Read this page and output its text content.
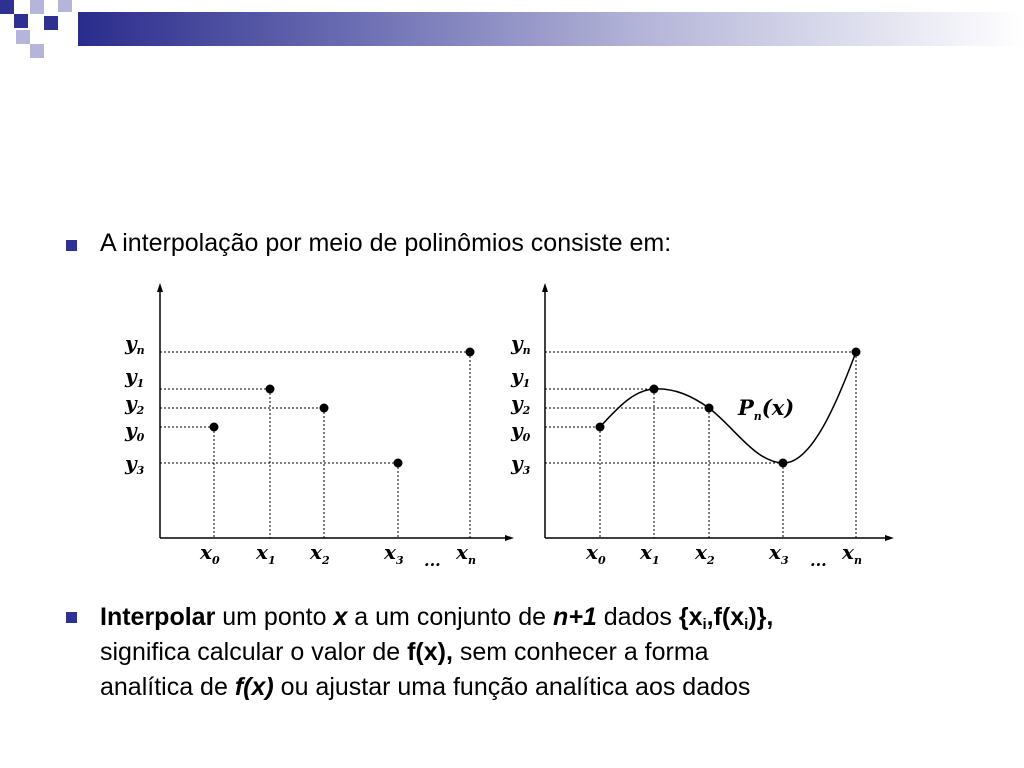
A interpolação por meio de polinômios consiste em:
$y_n$
$y_1$
$y_2$
$y_0$
$y_3$
$x_0$ $x_1$ $x_2$	$x_3$ ... $x_n$
$P_n(x)$
$y_n$
$y_1$
$y_2$
$y_0$
$y_3$
$x_0$ $x_1$ $x_2$	$x_3$ ... $x_n$
Interpolar um ponto x a um conjunto de n+1 dados $\{x_i,f(x_i)\}$,
significa calcular o valor de f(x), sem conhecer a forma
analítica de f(x) ou ajustar uma função analítica aos dados
